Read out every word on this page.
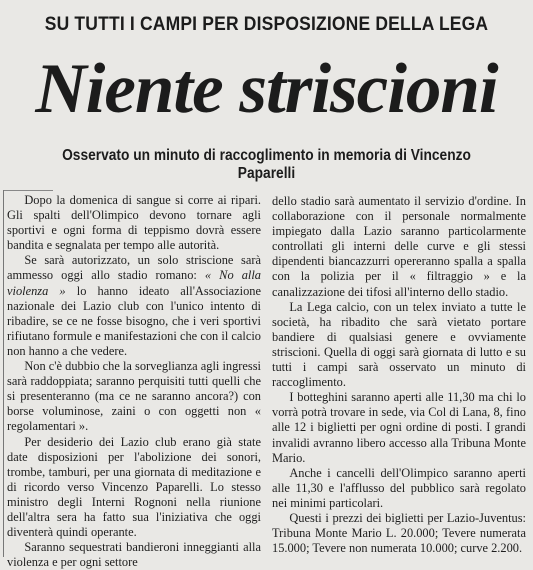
SU TUTTI I CAMPI PER DISPOSIZIONE DELLA LEGA
Niente striscioni
Osservato un minuto di raccoglimento in memoria di Vincenzo Paparelli

Dopo la domenica di sangue si corre ai ripari. Gli spalti dell'Olimpico devono tornare agli sportivi e ogni forma di teppismo dovrà essere bandita e segnalata per tempo alle autorità.

Se sarà autorizzato, un solo striscione sarà ammesso oggi allo stadio romano: « No alla violenza » lo hanno ideato all'Associazione nazionale dei Lazio club con l'unico intento di ribadire, se ce ne fosse bisogno, che i veri sportivi rifiutano formule e manifestazioni che con il calcio non hanno a che vedere.

Non c'è dubbio che la sorveglianza agli ingressi sarà raddoppiata; saranno perquisiti tutti quelli che si presenteranno (ma ce ne saranno ancora?) con borse voluminose, zaini o con oggetti non « regolamentari ».

Per desiderio dei Lazio club erano già state date disposizioni per l'abolizione dei sonori, trombe, tamburi, per una giornata di meditazione e di ricordo verso Vincenzo Paparelli. Lo stesso ministro degli Interni Rognoni nella riunione dell'altra sera ha fatto sua l'iniziativa che oggi diventerà quindi operante.

Saranno sequestrati bandieroni inneggianti alla violenza e per ogni settore

dello stadio sarà aumentato il servizio d'ordine. In collaborazione con il personale normalmente impiegato dalla Lazio saranno particolarmente controllati gli interni delle curve e gli stessi dipendenti biancazzurri opereranno spalla a spalla con la polizia per il « filtraggio » e la canalizzazione dei tifosi all'interno dello stadio.

La Lega calcio, con un telex inviato a tutte le società, ha ribadito che sarà vietato portare bandiere di qualsiasi genere e ovviamente striscioni. Quella di oggi sarà giornata di lutto e su tutti i campi sarà osservato un minuto di raccoglimento.

I botteghini saranno aperti alle 11,30 ma chi lo vorrà potrà trovare in sede, via Col di Lana, 8, fino alle 12 i biglietti per ogni ordine di posti. I grandi invalidi avranno libero accesso alla Tribuna Monte Mario.

Anche i cancelli dell'Olimpico saranno aperti alle 11,30 e l'afflusso del pubblico sarà regolato nei minimi particolari.

Questi i prezzi dei biglietti per Lazio-Juventus: Tribuna Monte Mario L. 20.000; Tevere numerata 15.000; Tevere non numerata 10.000; curve 2.200.
